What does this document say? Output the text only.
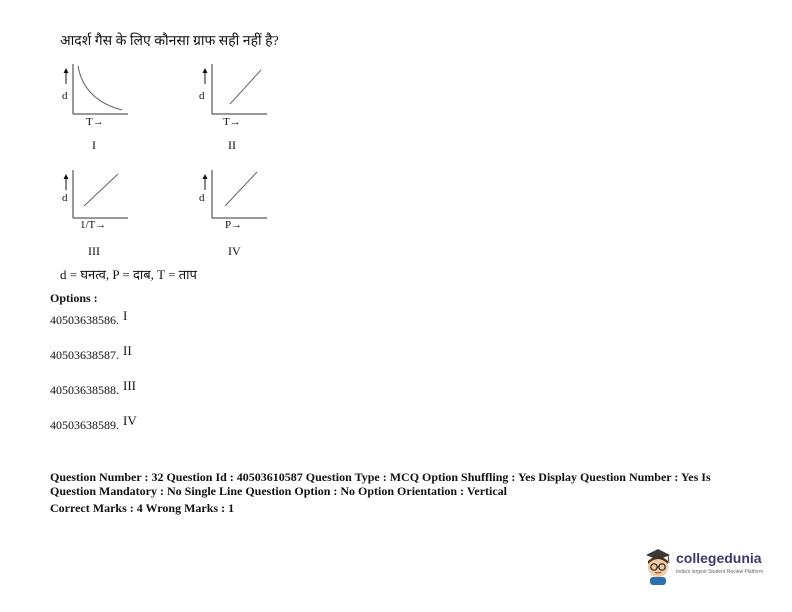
आदर्श गैस के लिए कौनसा ग्राफ सही नहीं है?
d
T→
I
d
T→
II
d
1/T→
III
d
P→
IV
d = घनत्व, P = दाब, T = ताप
Options :
40503638586. I
40503638587. II
40503638588. III
40503638589. IV
Question Number : 32 Question Id : 40503610587 Question Type : MCQ Option Shuffling : Yes Display Question Number : Yes Is
Question Mandatory : No Single Line Question Option : No Option Orientation : Vertical
Correct Marks : 4 Wrong Marks : 1
collegedunia
India's largest Student Review Platform
